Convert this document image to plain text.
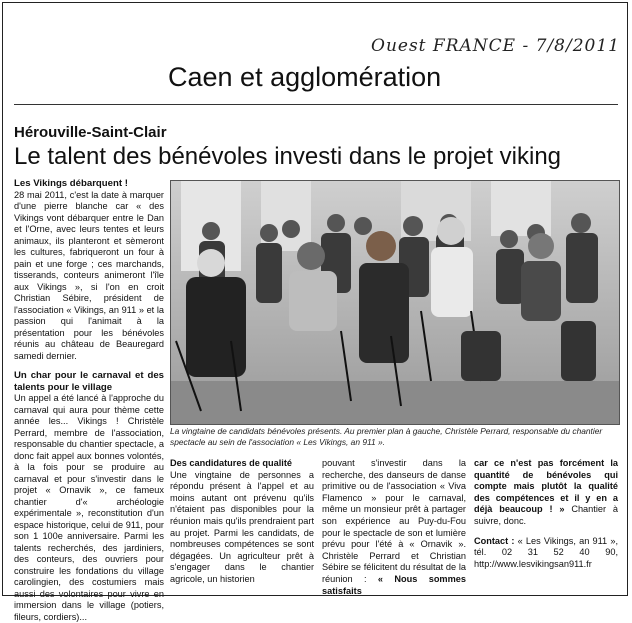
Ouest FRANCE - 7/8/2011
Caen et agglomération
Hérouville-Saint-Clair
Le talent des bénévoles investi dans le projet viking

Les Vikings débarquent !

28 mai 2011, c'est la date à marquer d'une pierre blanche car « des Vikings vont débarquer entre le Dan et l'Orne, avec leurs tentes et leurs animaux, ils planteront et sèmeront les cultures, fabriqueront un four à pain et une forge ; ces marchands, tisserands, conteurs animeront l'île aux Vikings », si l'on en croit Christian Sébire, président de l'association « Vikings, an 911 » et la passion qui l'animait à la présentation pour les bénévoles réunis au château de Beauregard samedi dernier.

Un char pour le carnaval et des talents pour le village

Un appel a été lancé à l'approche du carnaval qui aura pour thème cette année les... Vikings ! Christèle Perrard, membre de l'association, responsable du chantier spectacle, a donc fait appel aux bonnes volontés, à la fois pour se produire au carnaval et pour s'investir dans le projet « Ornavik », ce fameux chantier d'« archéologie expérimentale », reconstitution d'un espace historique, celui de 911, pour son 1 100e anniversaire. Parmi les talents recherchés, des jardiniers, des conteurs, des ouvriers pour construire les fondations du village carolingien, des costumiers mais aussi des volontaires pour vivre en immersion dans le village (potiers, fileurs, cordiers)...

La vingtaine de candidats bénévoles présents. Au premier plan à gauche, Christèle Perrard, responsable du chantier spectacle au sein de l'association « Les Vikings, an 911 ».

Des candidatures de qualité

Une vingtaine de personnes a répondu présent à l'appel et au moins autant ont prévenu qu'ils n'étaient pas disponibles pour la réunion mais qu'ils prendraient part au projet. Parmi les candidats, de nombreuses compétences se sont dégagées. Un agriculteur prêt à s'engager dans le chantier agricole, un historien

pouvant s'investir dans la recherche, des danseurs de danse primitive ou de l'association « Viva Flamenco » pour le carnaval, même un monsieur prêt à partager son expérience au Puy-du-Fou pour le spectacle de son et lumière prévu pour l'été à « Ornavik ». Christèle Perrard et Christian Sébire se félicitent du résultat de la réunion : « Nous sommes satisfaits

car ce n'est pas forcément la quantité de bénévoles qui compte mais plutôt la qualité des compétences et il y en a déjà beaucoup ! » Chantier à suivre, donc.

Contact : « Les Vikings, an 911 », tél. 02 31 52 40 90, http://www.lesvikingsan911.fr
